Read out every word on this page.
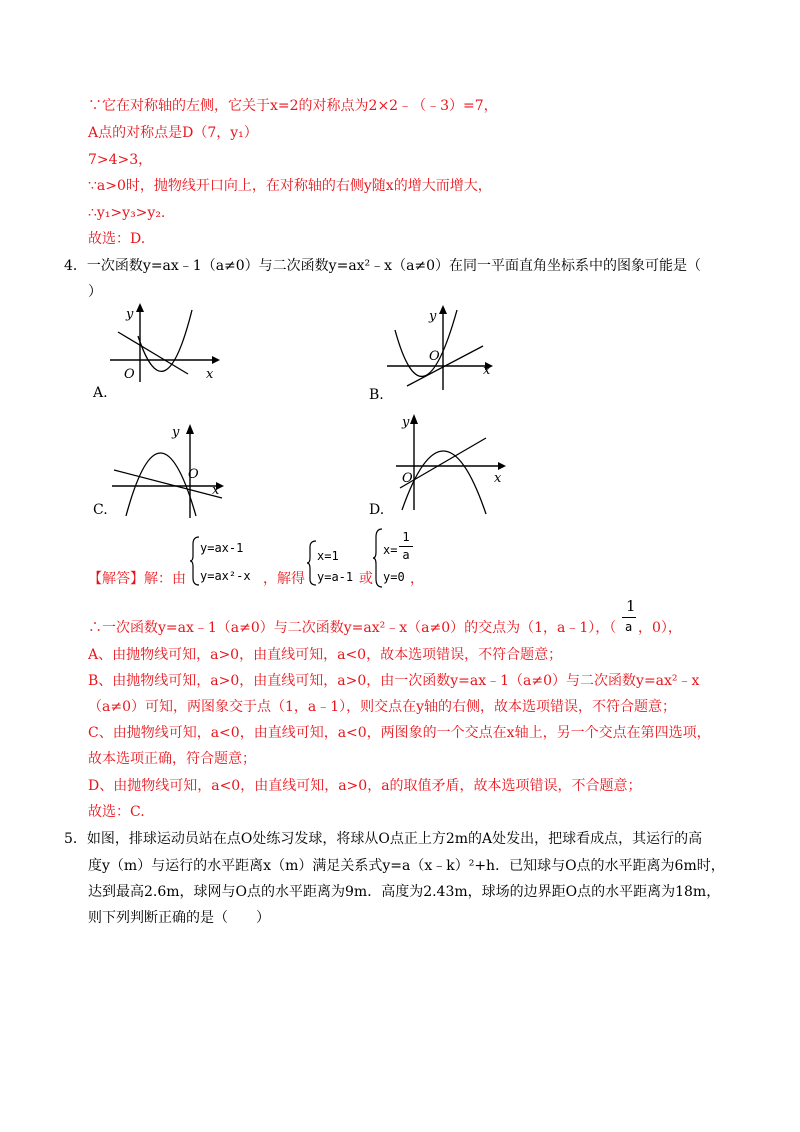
∵它在对称轴的左侧，它关于x=2的对称点为2×2﹣（﹣3）=7，
A点的对称点是D（7，y₁）
7>4>3，
∵a>0时，抛物线开口向上，在对称轴的右侧y随x的增大而增大，
∴y₁>y₃>y₂.
故选：D.
4．一次函数y=ax﹣1（a≠0）与二次函数y=ax²﹣x（a≠0）在同一平面直角坐标系中的图象可能是（
）
y
x
O
A.
y
x
O
B.
y
x
O
C.
y
x
O
D.
【解答】解：由
y=ax-1
y=ax²-x ，解得
x=1
y=a-1 或
x=
1
a
y=0 ，
∴一次函数y=ax﹣1（a≠0）与二次函数y=ax²﹣x（a≠0）的交点为（1，a﹣1），（
1
a ，0），
A、由抛物线可知，a>0，由直线可知，a<0，故本选项错误，不符合题意；
B、由抛物线可知，a>0，由直线可知，a>0，由一次函数y=ax﹣1（a≠0）与二次函数y=ax²﹣x
（a≠0）可知，两图象交于点（1，a﹣1），则交点在y轴的右侧，故本选项错误，不符合题意；
C、由抛物线可知，a<0，由直线可知，a<0，两图象的一个交点在x轴上，另一个交点在第四选项，
故本选项正确，符合题意；
D、由抛物线可知，a<0，由直线可知，a>0，a的取值矛盾，故本选项错误，不合题意；
故选：C.
5．如图，排球运动员站在点O处练习发球，将球从O点正上方2m的A处发出，把球看成点，其运行的高
度y（m）与运行的水平距离x（m）满足关系式y=a（x﹣k）²+h．已知球与O点的水平距离为6m时，
达到最高2.6m，球网与O点的水平距离为9m．高度为2.43m，球场的边界距O点的水平距离为18m，
则下列判断正确的是（　　）
